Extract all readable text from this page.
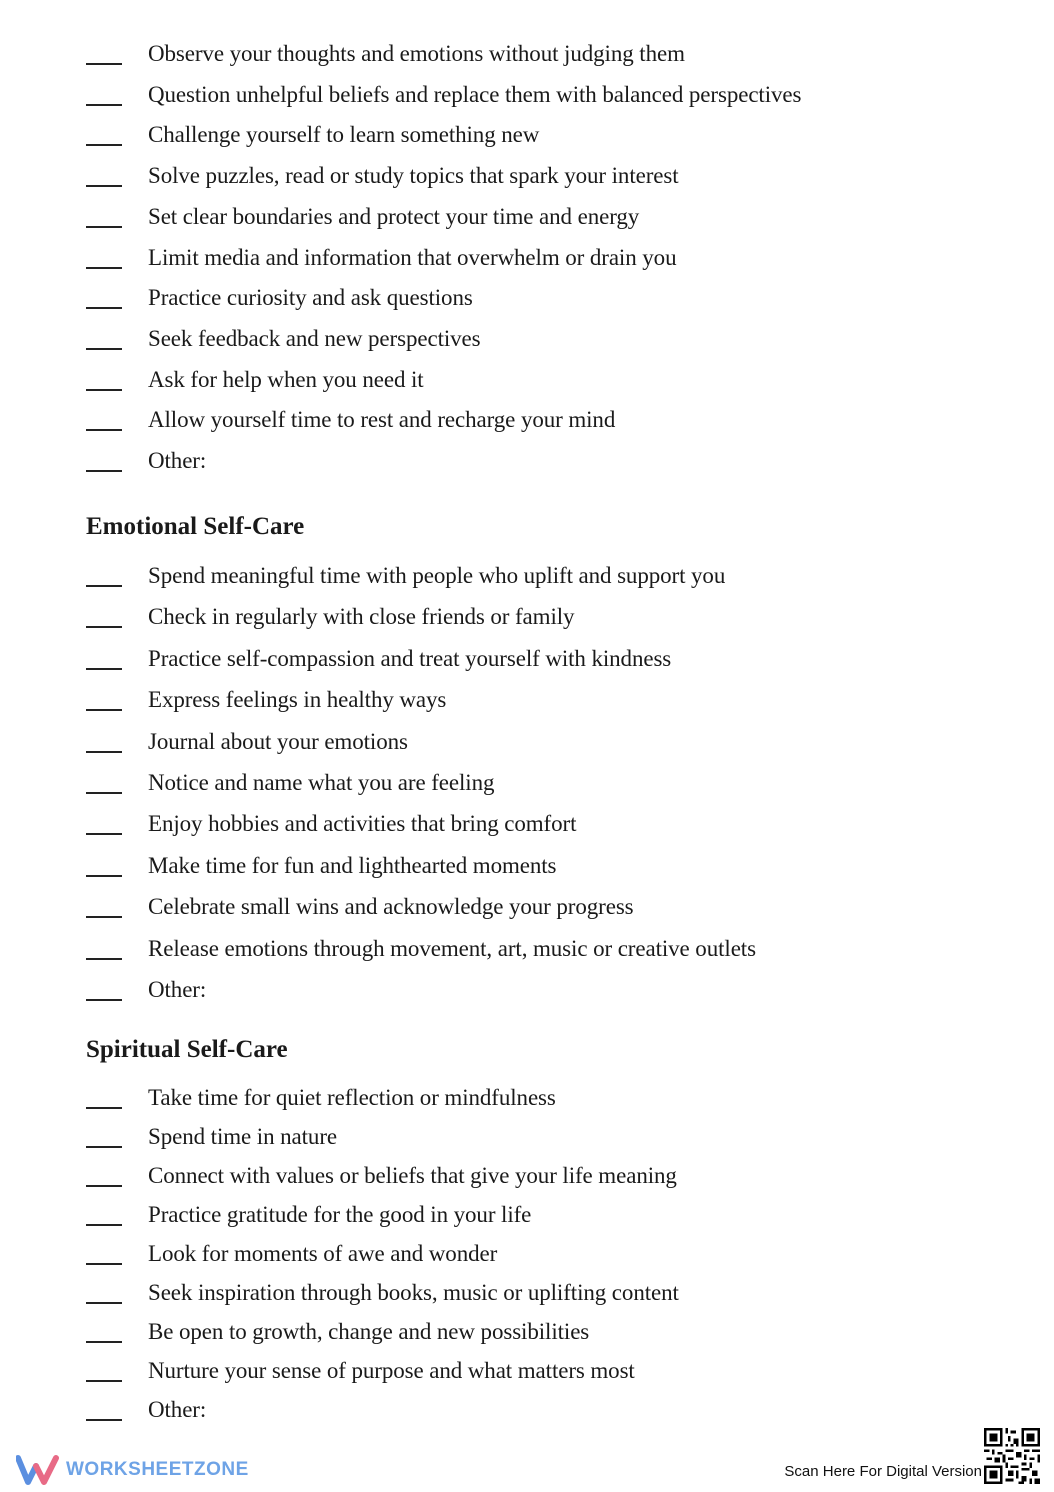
Observe your thoughts and emotions without judging them
Question unhelpful beliefs and replace them with balanced perspectives
Challenge yourself to learn something new
Solve puzzles, read or study topics that spark your interest
Set clear boundaries and protect your time and energy
Limit media and information that overwhelm or drain you
Practice curiosity and ask questions
Seek feedback and new perspectives
Ask for help when you need it
Allow yourself time to rest and recharge your mind
Other:
Emotional Self-Care
Spend meaningful time with people who uplift and support you
Check in regularly with close friends or family
Practice self-compassion and treat yourself with kindness
Express feelings in healthy ways
Journal about your emotions
Notice and name what you are feeling
Enjoy hobbies and activities that bring comfort
Make time for fun and lighthearted moments
Celebrate small wins and acknowledge your progress
Release emotions through movement, art, music or creative outlets
Other:
Spiritual Self-Care
Take time for quiet reflection or mindfulness
Spend time in nature
Connect with values or beliefs that give your life meaning
Practice gratitude for the good in your life
Look for moments of awe and wonder
Seek inspiration through books, music or uplifting content
Be open to growth, change and new possibilities
Nurture your sense of purpose and what matters most
Other:
WORKSHEETZONE	Scan Here For Digital Version
